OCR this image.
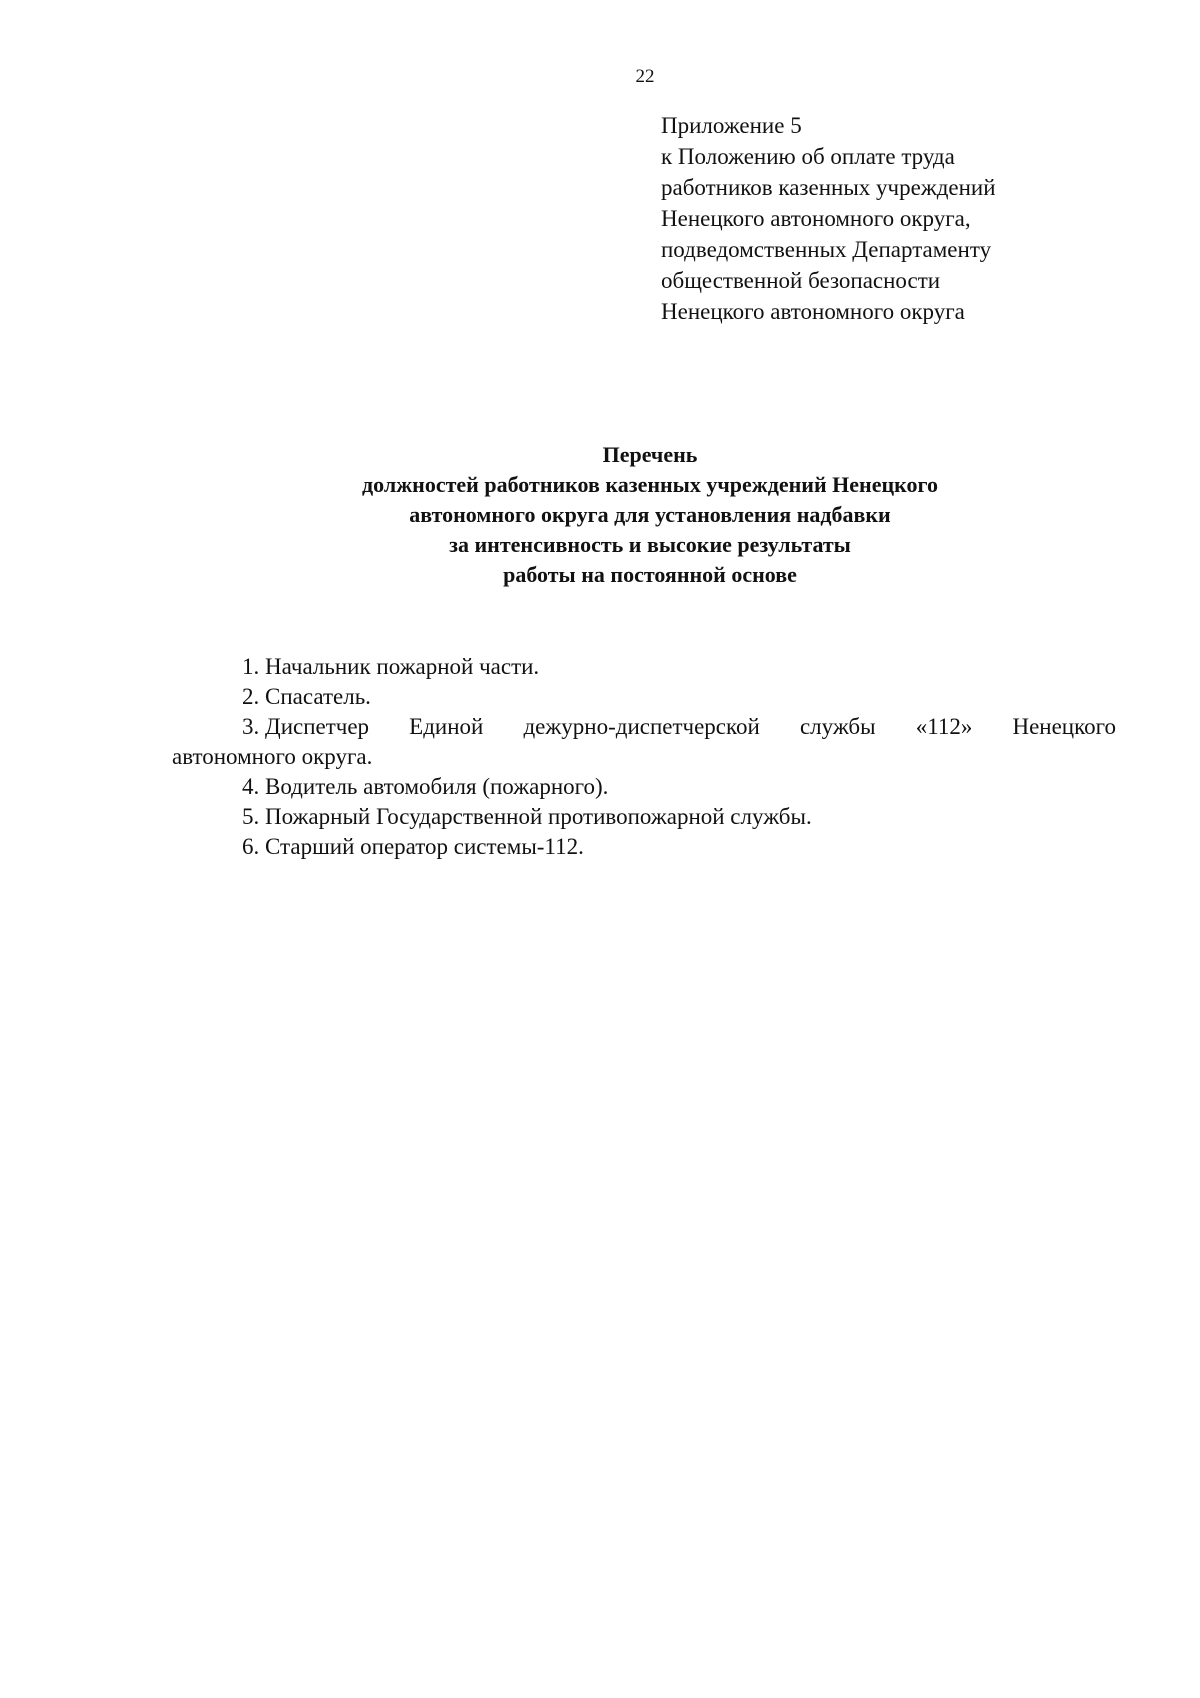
22
Приложение 5
к Положению об оплате труда
работников казенных учреждений
Ненецкого автономного округа,
подведомственных Департаменту
общественной безопасности
Ненецкого автономного округа
Перечень
должностей работников казенных учреждений Ненецкого
автономного округа для установления надбавки
за интенсивность и высокие результаты
работы на постоянной основе
1. Начальник пожарной части.
2. Спасатель.
3. Диспетчер Единой дежурно-диспетчерской службы «112» Ненецкого
автономного округа.
4. Водитель автомобиля (пожарного).
5. Пожарный Государственной противопожарной службы.
6. Старший оператор системы-112.
